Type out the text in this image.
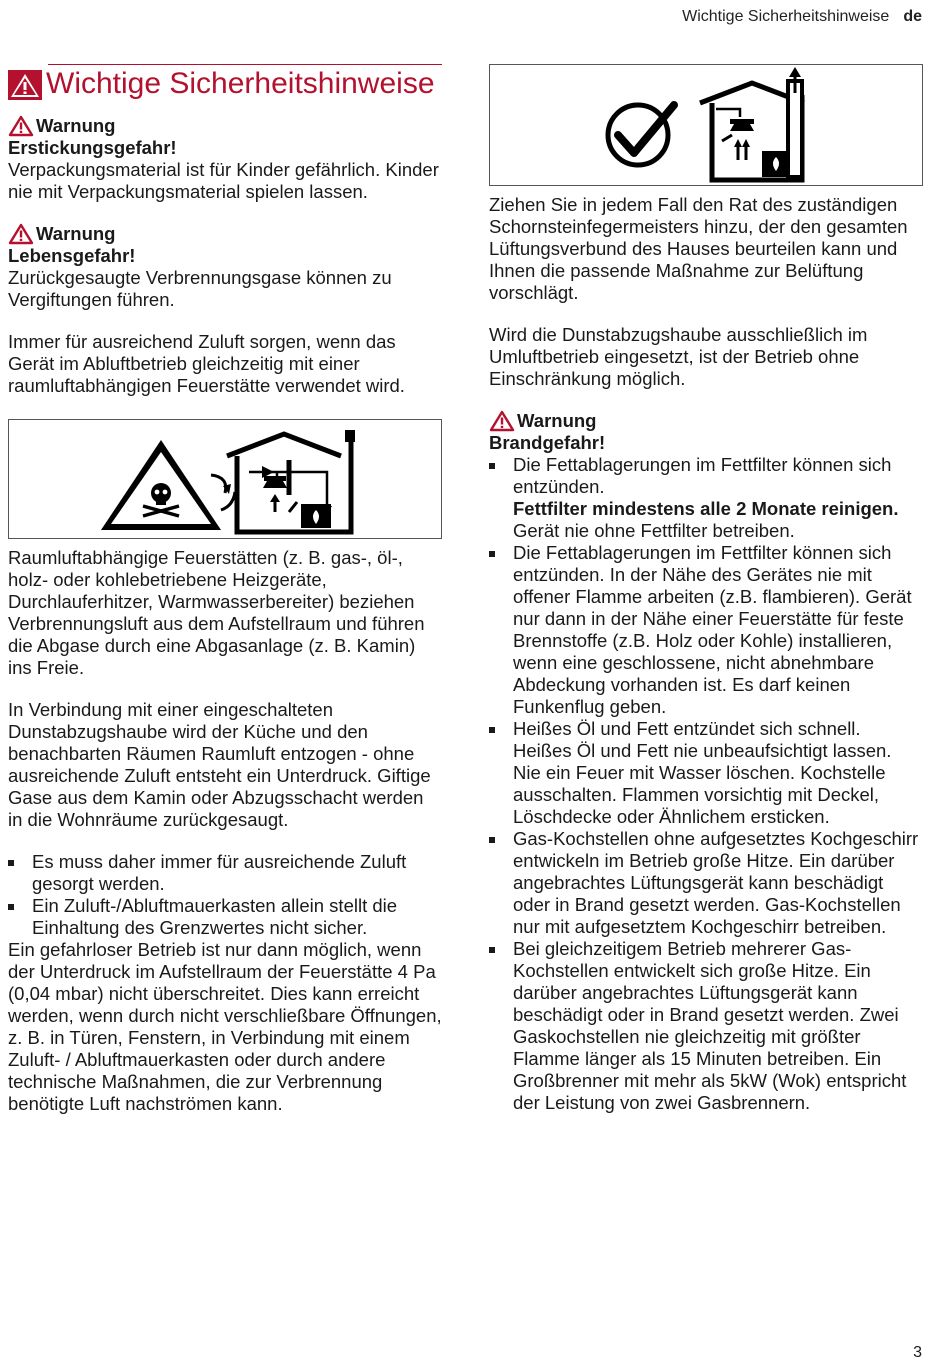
Wichtige Sicherheitshinweise de
Wichtige Sicherheitshinweise
Warnung

Erstickungsgefahr!

Verpackungsmaterial ist für Kinder gefährlich. Kinder nie mit Verpackungsmaterial spielen lassen.

Warnung

Lebensgefahr!

Zurückgesaugte Verbrennungsgase können zu Vergiftungen führen.

Immer für ausreichend Zuluft sorgen, wenn das Gerät im Abluftbetrieb gleichzeitig mit einer raumluftabhängigen Feuerstätte verwendet wird.

Raumluftabhängige Feuerstätten (z. B. gas-, öl-, holz- oder kohlebetriebene Heizgeräte, Durchlauferhitzer, Warmwasserbereiter) beziehen Verbrennungsluft aus dem Aufstellraum und führen die Abgase durch eine Abgasanlage (z. B. Kamin) ins Freie.

In Verbindung mit einer eingeschalteten Dunstabzugshaube wird der Küche und den benachbarten Räumen Raumluft entzogen - ohne ausreichende Zuluft entsteht ein Unterdruck. Giftige Gase aus dem Kamin oder Abzugsschacht werden in die Wohnräume zurückgesaugt.

Es muss daher immer für ausreichende Zuluft gesorgt werden.
Ein Zuluft-/Abluftmauerkasten allein stellt die Einhaltung des Grenzwertes nicht sicher.

Ein gefahrloser Betrieb ist nur dann möglich, wenn der Unterdruck im Aufstellraum der Feuerstätte 4 Pa (0,04 mbar) nicht überschreitet. Dies kann erreicht werden, wenn durch nicht verschließbare Öffnungen, z. B. in Türen, Fenstern, in Verbindung mit einem Zuluft- / Abluftmauerkasten oder durch andere technische Maßnahmen, die zur Verbrennung benötigte Luft nachströmen kann.

Ziehen Sie in jedem Fall den Rat des zuständigen Schornsteinfegermeisters hinzu, der den gesamten Lüftungsverbund des Hauses beurteilen kann und Ihnen die passende Maßnahme zur Belüftung vorschlägt.

Wird die Dunstabzugshaube ausschließlich im Umluftbetrieb eingesetzt, ist der Betrieb ohne Einschränkung möglich.

Warnung

Brandgefahr!

Die Fettablagerungen im Fettfilter können sich entzünden.
Fettfilter mindestens alle 2 Monate reinigen.
Gerät nie ohne Fettfilter betreiben.
Die Fettablagerungen im Fettfilter können sich entzünden. In der Nähe des Gerätes nie mit offener Flamme arbeiten (z.B. flambieren). Gerät nur dann in der Nähe einer Feuerstätte für feste Brennstoffe (z.B. Holz oder Kohle) installieren, wenn eine geschlossene, nicht abnehmbare Abdeckung vorhanden ist. Es darf keinen Funkenflug geben.
Heißes Öl und Fett entzündet sich schnell. Heißes Öl und Fett nie unbeaufsichtigt lassen. Nie ein Feuer mit Wasser löschen. Kochstelle ausschalten. Flammen vorsichtig mit Deckel, Löschdecke oder Ähnlichem ersticken.
Gas-Kochstellen ohne aufgesetztes Kochgeschirr entwickeln im Betrieb große Hitze. Ein darüber angebrachtes Lüftungsgerät kann beschädigt oder in Brand gesetzt werden. Gas-Kochstellen nur mit aufgesetztem Kochgeschirr betreiben.
Bei gleichzeitigem Betrieb mehrerer Gas-Kochstellen entwickelt sich große Hitze. Ein darüber angebrachtes Lüftungsgerät kann beschädigt oder in Brand gesetzt werden. Zwei Gaskochstellen nie gleichzeitig mit größter Flamme länger als 15 Minuten betreiben. Ein Großbrenner mit mehr als 5kW (Wok) entspricht der Leistung von zwei Gasbrennern.
3
